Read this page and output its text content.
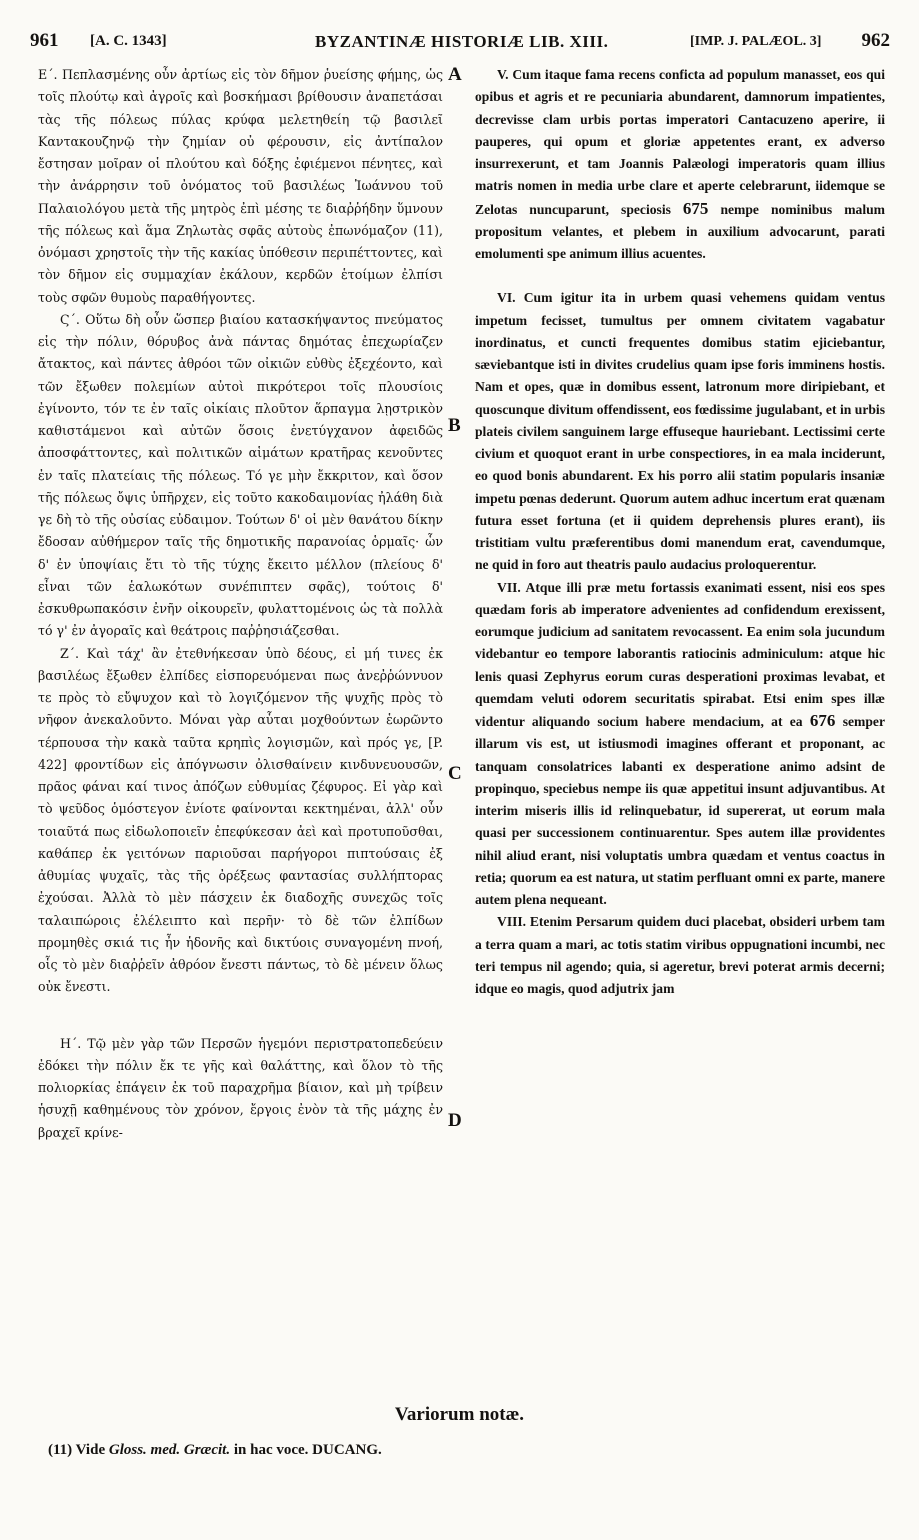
961 [A. C. 1343]	BYZANTINÆ HISTORIÆ LIB. XIII.	[IMP. J. PALÆOL. 3] 962
A
B
C
D

Ε΄. Πεπλασμένης οὖν ἀρτίως εἰς τὸν δῆμον ῥυείσης φήμης, ὡς τοῖς πλούτῳ καὶ ἀγροῖς καὶ βοσκήμασι βρίθουσιν ἀναπετάσαι τὰς τῆς πόλεως πύλας κρύφα μελετηθείη τῷ βασιλεῖ Καντακουζηνῷ τὴν ζημίαν οὐ φέρουσιν, εἰς ἀντίπαλον ἔστησαν μοῖραν οἱ πλούτου καὶ δόξης ἐφιέμενοι πένητες, καὶ τὴν ἀνάρρησιν τοῦ ὀνόματος τοῦ βασιλέως Ἰωάννου τοῦ Παλαιολόγου μετὰ τῆς μητρὸς ἐπὶ μέσης τε διαῤῥήδην ὕμνουν τῆς πόλεως καὶ ἅμα Ζηλωτὰς σφᾶς αὐτοὺς ἐπωνόμαζον (11), ὀνόμασι χρηστοῖς τὴν τῆς κακίας ὑπόθεσιν περιπέττοντες, καὶ τὸν δῆμον εἰς συμμαχίαν ἐκάλουν, κερδῶν ἑτοίμων ἐλπίσι τοὺς σφῶν θυμοὺς παραθήγοντες.

Ϛ΄. Οὕτω δὴ οὖν ὥσπερ βιαίου κατασκήψαντος πνεύματος εἰς τὴν πόλιν, θόρυβος ἀνὰ πάντας δημότας ἐπεχωρίαζεν ἄτακτος, καὶ πάντες ἀθρόοι τῶν οἰκιῶν εὐθὺς ἐξεχέοντο, καὶ τῶν ἔξωθεν πολεμίων αὐτοὶ πικρότεροι τοῖς πλουσίοις ἐγίνοντο, τόν τε ἐν ταῖς οἰκίαις πλοῦτον ἅρπαγμα λῃστρικὸν καθιστάμενοι καὶ αὐτῶν ὅσοις ἐνετύγχανον ἀφειδῶς ἀποσφάττοντες, καὶ πολιτικῶν αἱμάτων κρατῆρας κενοῦντες ἐν ταῖς πλατείαις τῆς πόλεως. Τό γε μὴν ἔκκριτον, καὶ ὅσον τῆς πόλεως ὄψις ὑπῆρχεν, εἰς τοῦτο κακοδαιμονίας ἠλάθη διὰ γε δὴ τὸ τῆς οὐσίας εὐδαιμον. Τούτων δ' οἱ μὲν θανάτου δίκην ἔδοσαν αὐθήμερον ταῖς τῆς δημοτικῆς παρανοίας ὁρμαῖς· ὧν δ' ἐν ὑποψίαις ἔτι τὸ τῆς τύχης ἔκειτο μέλλον (πλείους δ' εἶναι τῶν ἑαλωκότων συνέπιπτεν σφᾶς), τούτοις δ' ἐσκυθρωπακόσιν ἐνῆν οἰκουρεῖν, φυλαττομένοις ὡς τὰ πολλὰ τό γ' ἐν ἀγοραῖς καὶ θεάτροις παῤῥησιάζεσθαι.

Ζ΄. Καὶ τάχ' ἂν ἐτεθνήκεσαν ὑπὸ δέους, εἰ μή τινες ἐκ βασιλέως ἔξωθεν ἐλπίδες εἰσπορευόμεναι πως ἀνεῤῥώννυον τε πρὸς τὸ εὔψυχον καὶ τὸ λογιζόμενον τῆς ψυχῆς πρὸς τὸ νῆφον ἀνεκαλοῦντο. Μόναι γὰρ αὗται μοχθούντων ἑωρῶντο τέρπουσα τὴν κακὰ ταῦτα κρηπὶς λογισμῶν, καὶ πρός γε, [P. 422] φροντίδων εἰς ἀπόγνωσιν ὀλισθαίνειν κινδυνευουσῶν, πρᾶος φάναι καί τινος ἀπόζων εὐθυμίας ζέφυρος. Εἰ γὰρ καὶ τὸ ψεῦδος ὁμόστεγον ἐνίοτε φαίνονται κεκτημέναι, ἀλλ' οὖν τοιαῦτά πως εἰδωλοποιεῖν ἐπεφύκεσαν ἀεὶ καὶ προτυποῦσθαι, καθάπερ ἐκ γειτόνων παριοῦσαι παρήγοροι πιπτούσαις ἐξ ἀθυμίας ψυχαῖς, τὰς τῆς ὀρέξεως φαντασίας συλλήπτορας ἐχούσαι. Ἀλλὰ τὸ μὲν πάσχειν ἐκ διαδοχῆς συνεχῶς τοῖς ταλαιπώροις ἐλέλειπτο καὶ περῆν· τὸ δὲ τῶν ἐλπίδων προμηθὲς σκιά τις ἦν ἡδονῆς καὶ δικτύοις συναγομένη πνοή, οἷς τὸ μὲν διαῤῥεῖν ἀθρόον ἔνεστι πάντως, τὸ δὲ μένειν ὅλως οὐκ ἔνεστι.

Η΄. Τῷ μὲν γὰρ τῶν Περσῶν ἡγεμόνι περιστρατοπεδεύειν ἐδόκει τὴν πόλιν ἔκ τε γῆς καὶ θαλάττης, καὶ ὅλον τὸ τῆς πολιορκίας ἐπάγειν ἐκ τοῦ παραχρῆμα βίαιον, καὶ μὴ τρίβειν ἡσυχῇ καθημένους τὸν χρόνον, ἔργοις ἐνὸν τὰ τῆς μάχης ἐν βραχεῖ κρίνε-

V. Cum itaque fama recens conficta ad populum manasset, eos qui opibus et agris et re pecuniaria abundarent, damnorum impatientes, decrevisse clam urbis portas imperatori Cantacuzeno aperire, ii pauperes, qui opum et gloriæ appetentes erant, ex adverso insurrexerunt, et tam Joannis Palæologi imperatoris quam illius matris nomen in media urbe clare et aperte celebrarunt, iidemque se Zelotas nuncuparunt, speciosis 675 nempe nominibus malum propositum velantes, et plebem in auxilium advocarunt, parati emolumenti spe animum illius acuentes.

VI. Cum igitur ita in urbem quasi vehemens quidam ventus impetum fecisset, tumultus per omnem civitatem vagabatur inordinatus, et cuncti frequentes domibus statim ejiciebantur, sæviebantque isti in divites crudelius quam ipse foris imminens hostis. Nam et opes, quæ in domibus essent, latronum more diripiebant, et quoscunque divitum offendissent, eos fœdissime jugulabant, et in urbis plateis civilem sanguinem large effuseque hauriebant. Lectissimi certe civium et quoquot erant in urbe conspectiores, in ea mala inciderunt, eo quod bonis abundarent. Ex his porro alii statim popularis insaniæ impetu pœnas dederunt. Quorum autem adhuc incertum erat quænam futura esset fortuna (et ii quidem deprehensis plures erant), iis tristitiam vultu præferentibus domi manendum erat, cavendumque, ne quid in foro aut theatris paulo audacius proloquerentur.

VII. Atque illi præ metu fortassis exanimati essent, nisi eos spes quædam foris ab imperatore advenientes ad confidendum erexissent, eorumque judicium ad sanitatem revocassent. Ea enim sola jucundum videbantur eo tempore laborantis ratiocinis adminiculum: atque hic lenis quasi Zephyrus eorum curas desperationi proximas levabat, et quemdam veluti odorem securitatis spirabat. Etsi enim spes illæ videntur aliquando socium habere mendacium, at ea 676 semper illarum vis est, ut istiusmodi imagines offerant et proponant, ac tanquam consolatrices labanti ex desperatione animo adsint de propinquo, speciebus nempe iis quæ appetitui insunt adjuvantibus. At interim miseris illis id relinquebatur, id supererat, ut eorum mala quasi per successionem continuarentur. Spes autem illæ providentes nihil aliud erant, nisi voluptatis umbra quædam et ventus coactus in retia; quorum ea est natura, ut statim perfluant omni ex parte, manere autem plena nequeant.

VIII. Etenim Persarum quidem duci placebat, obsideri urbem tam a terra quam a mari, ac totis statim viribus oppugnationi incumbi, nec teri tempus nil agendo; quia, si ageretur, brevi poterat armis decerni; idque eo magis, quod adjutrix jam

Variorum notæ.
(11) Vide Gloss. med. Græcit. in hac voce. DUCANG.
